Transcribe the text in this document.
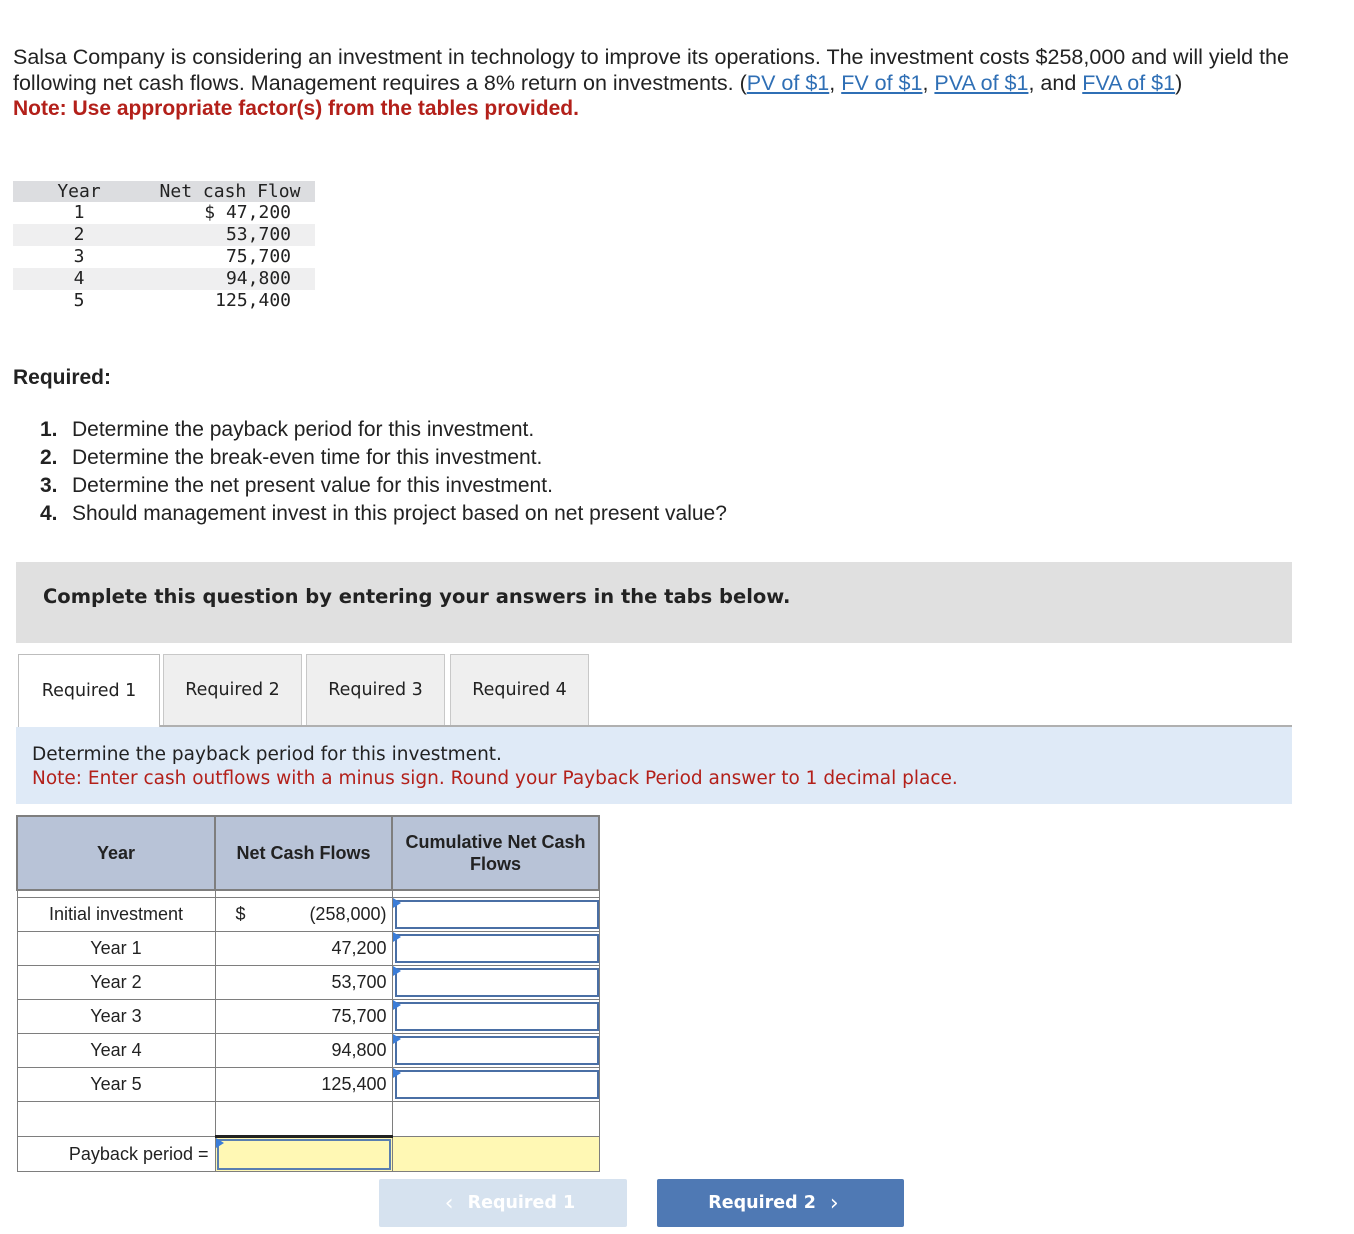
Salsa Company is considering an investment in technology to improve its operations. The investment costs $258,000 and will yield the following net cash flows. Management requires a 8% return on investments. (PV of $1, FV of $1, PVA of $1, and FVA of $1)
Note: Use appropriate factor(s) from the tables provided.
Year	Net cash Flow
1	$ 47,200
2	53,700
3	75,700
4	94,800
5	125,400
Required:
1. Determine the payback period for this investment.
2. Determine the break-even time for this investment.
3. Determine the net present value for this investment.
4. Should management invest in this project based on net present value?
Complete this question by entering your answers in the tabs below.
Required 1	Required 2	Required 3	Required 4
Determine the payback period for this investment.
Note: Enter cash outflows with a minus sign. Round your Payback Period answer to 1 decimal place.
Year	Net Cash Flows	Cumulative Net Cash Flows

Initial investment	$ (258,000)	

Year 1	47,200	

Year 2	53,700	

Year 3	75,700	

Year 4	94,800	

Year 5	125,400	

Payback period =	

‹ Required 1	Required 2 ›
